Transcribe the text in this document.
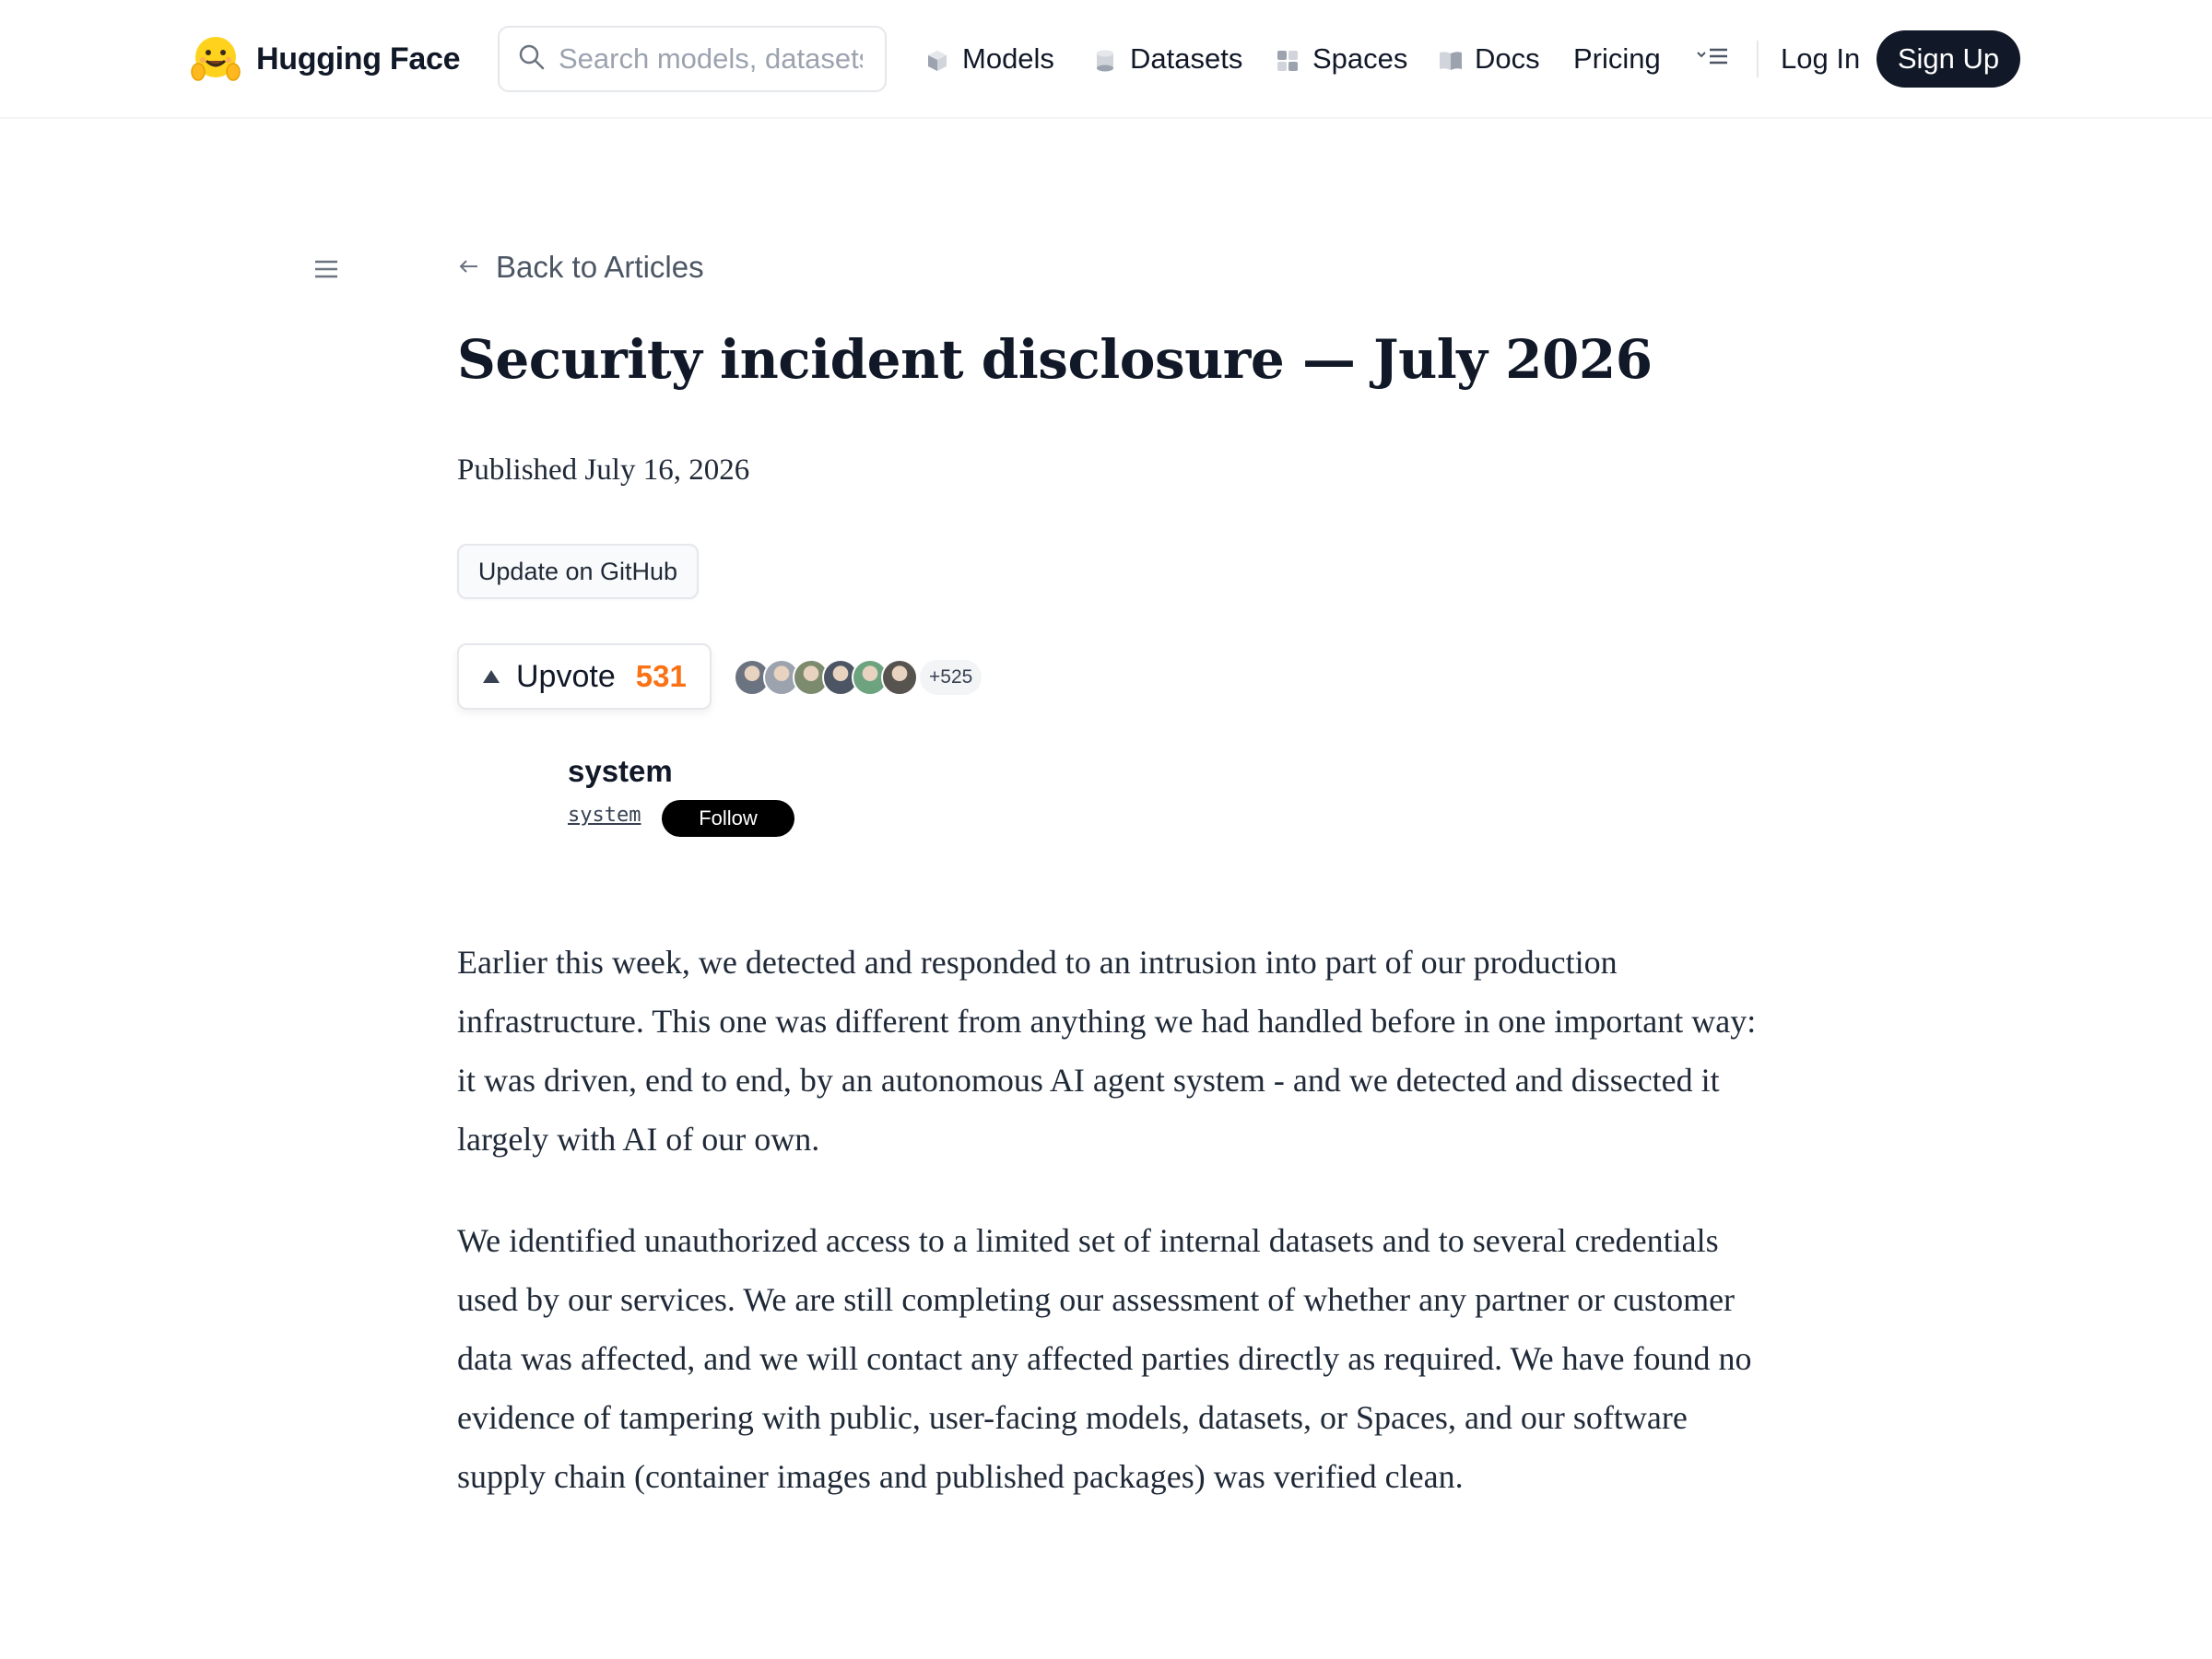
Hugging Face
Search models, datasets, users...	Models	Datasets Spaces Docs Pricing	Log In	Sign Up
Back to Articles
Security incident disclosure — July 2026
Published July 16, 2026
Update on GitHub
Upvote 531	+525
system
system	Follow

Earlier this week, we detected and responded to an intrusion into part of our production infrastructure. This one was different from anything we had handled before in one important way: it was driven, end to end, by an autonomous AI agent system - and we detected and dissected it largely with AI of our own.

We identified unauthorized access to a limited set of internal datasets and to several credentials used by our services. We are still completing our assessment of whether any partner or customer data was affected, and we will contact any affected parties directly as required. We have found no evidence of tampering with public, user-facing models, datasets, or Spaces, and our software supply chain (container images and published packages) was verified clean.
